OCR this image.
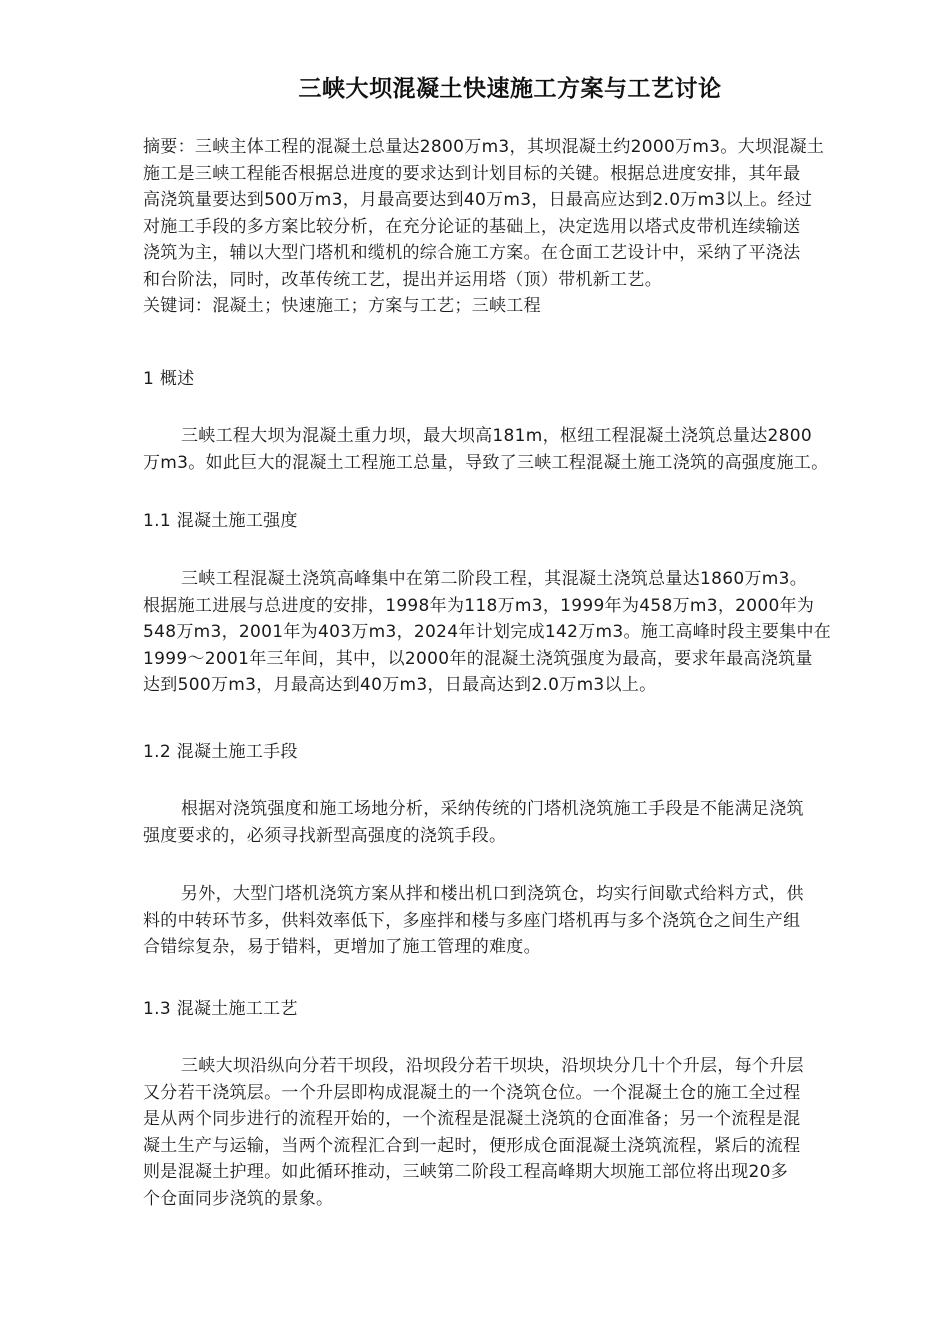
三峡大坝混凝土快速施工方案与工艺讨论
摘要：三峡主体工程的混凝土总量达2800万m3，其坝混凝土约2000万m3。大坝混凝土
施工是三峡工程能否根据总进度的要求达到计划目标的关键。根据总进度安排，其年最
高浇筑量要达到500万m3，月最高要达到40万m3，日最高应达到2.0万m3以上。经过
对施工手段的多方案比较分析，在充分论证的基础上，决定选用以塔式皮带机连续输送
浇筑为主，辅以大型门塔机和缆机的综合施工方案。在仓面工艺设计中，采纳了平浇法
和台阶法，同时，改革传统工艺，提出并运用塔（顶）带机新工艺。
关键词：混凝土；快速施工；方案与工艺；三峡工程
1 概述
三峡工程大坝为混凝土重力坝，最大坝高181m，枢纽工程混凝土浇筑总量达2800
万m3。如此巨大的混凝土工程施工总量，导致了三峡工程混凝土施工浇筑的高强度施工。
1.1 混凝土施工强度
三峡工程混凝土浇筑高峰集中在第二阶段工程，其混凝土浇筑总量达1860万m3。
根据施工进展与总进度的安排，1998年为118万m3，1999年为458万m3，2000年为
548万m3，2001年为403万m3，2024年计划完成142万m3。施工高峰时段主要集中在
1999～2001年三年间，其中，以2000年的混凝土浇筑强度为最高，要求年最高浇筑量
达到500万m3，月最高达到40万m3，日最高达到2.0万m3以上。
1.2 混凝土施工手段
根据对浇筑强度和施工场地分析，采纳传统的门塔机浇筑施工手段是不能满足浇筑
强度要求的，必须寻找新型高强度的浇筑手段。
另外，大型门塔机浇筑方案从拌和楼出机口到浇筑仓，均实行间歇式给料方式，供
料的中转环节多，供料效率低下，多座拌和楼与多座门塔机再与多个浇筑仓之间生产组
合错综复杂，易于错料，更增加了施工管理的难度。
1.3 混凝土施工工艺
三峡大坝沿纵向分若干坝段，沿坝段分若干坝块，沿坝块分几十个升层，每个升层
又分若干浇筑层。一个升层即构成混凝土的一个浇筑仓位。一个混凝土仓的施工全过程
是从两个同步进行的流程开始的，一个流程是混凝土浇筑的仓面准备；另一个流程是混
凝土生产与运输，当两个流程汇合到一起时，便形成仓面混凝土浇筑流程，紧后的流程
则是混凝土护理。如此循环推动，三峡第二阶段工程高峰期大坝施工部位将出现20多
个仓面同步浇筑的景象。
